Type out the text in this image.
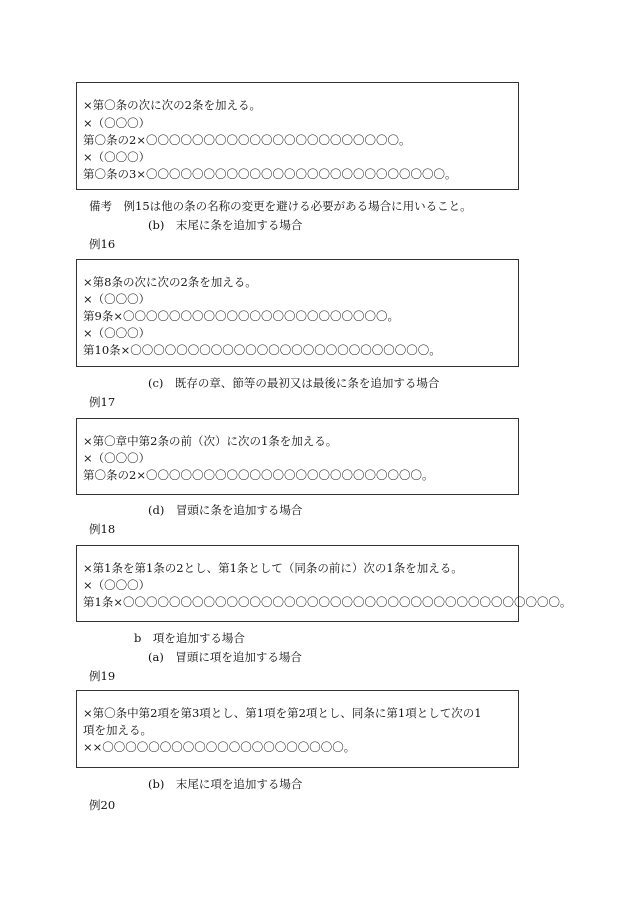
×第〇条の次に次の2条を加える。
×（〇〇〇）
第〇条の2×〇〇〇〇〇〇〇〇〇〇〇〇〇〇〇〇〇〇〇〇〇〇。
×（〇〇〇）
第〇条の3×〇〇〇〇〇〇〇〇〇〇〇〇〇〇〇〇〇〇〇〇〇〇〇〇〇〇。
備考　例15は他の条の名称の変更を避ける必要がある場合に用いること。
(b)　末尾に条を追加する場合
例16
×第8条の次に次の2条を加える。
×（〇〇〇）
第9条×〇〇〇〇〇〇〇〇〇〇〇〇〇〇〇〇〇〇〇〇〇〇〇。
×（〇〇〇）
第10条×〇〇〇〇〇〇〇〇〇〇〇〇〇〇〇〇〇〇〇〇〇〇〇〇〇〇。
(c)　既存の章、節等の最初又は最後に条を追加する場合
例17
×第〇章中第2条の前（次）に次の1条を加える。
×（〇〇〇）
第〇条の2×〇〇〇〇〇〇〇〇〇〇〇〇〇〇〇〇〇〇〇〇〇〇〇〇。
(d)　冒頭に条を追加する場合
例18
×第1条を第1条の2とし、第1条として（同条の前に）次の1条を加える。
×（〇〇〇）
第1条×〇〇〇〇〇〇〇〇〇〇〇〇〇〇〇〇〇〇〇〇〇〇〇〇〇〇〇〇〇〇〇〇〇〇〇〇〇〇。
b　項を追加する場合
(a)　冒頭に項を追加する場合
例19
×第〇条中第2項を第3項とし、第1項を第2項とし、同条に第1項として次の1
項を加える。
××〇〇〇〇〇〇〇〇〇〇〇〇〇〇〇〇〇〇〇〇〇。
(b)　末尾に項を追加する場合
例20
